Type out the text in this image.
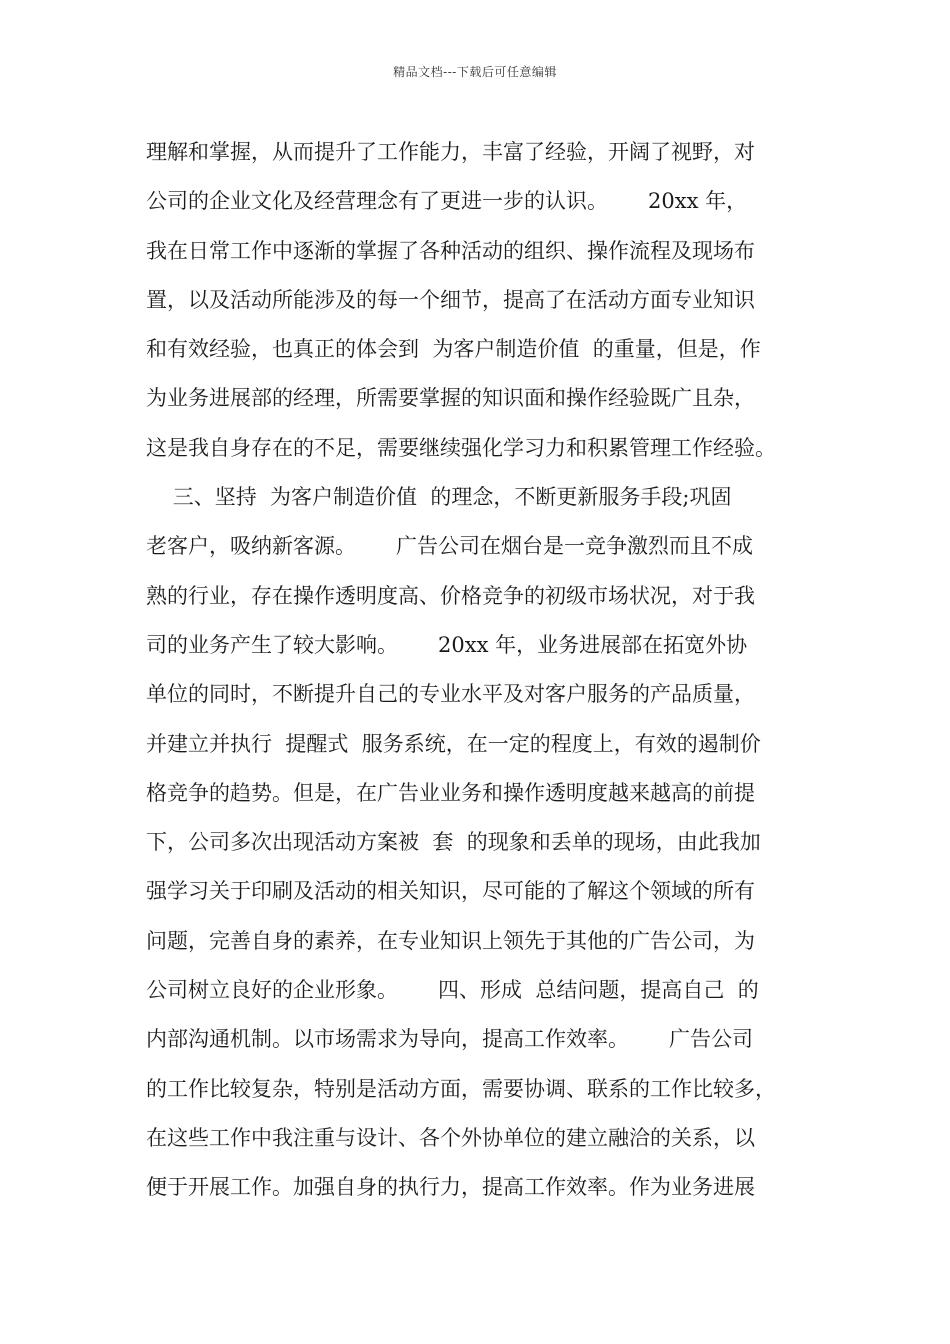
精品文档---下载后可任意编辑
理解和掌握，从而提升了工作能力，丰富了经验，开阔了视野，对
公司的企业文化及经营理念有了更进一步的认识。      20xx 年，
我在日常工作中逐渐的掌握了各种活动的组织、操作流程及现场布
置，以及活动所能涉及的每一个细节，提高了在活动方面专业知识
和有效经验，也真正的体会到  为客户制造价值  的重量，但是，作
为业务进展部的经理，所需要掌握的知识面和操作经验既广且杂，
这是我自身存在的不足，需要继续强化学习力和积累管理工作经验。
三、坚持  为客户制造价值  的理念，不断更新服务手段;巩固
老客户，吸纳新客源。      广告公司在烟台是一竞争激烈而且不成
熟的行业，存在操作透明度高、价格竞争的初级市场状况，对于我
司的业务产生了较大影响。      20xx 年，业务进展部在拓宽外协
单位的同时，不断提升自己的专业水平及对客户服务的产品质量，
并建立并执行  提醒式  服务系统，在一定的程度上，有效的遏制价
格竞争的趋势。但是，在广告业业务和操作透明度越来越高的前提
下，公司多次出现活动方案被  套  的现象和丢单的现场，由此我加
强学习关于印刷及活动的相关知识，尽可能的了解这个领域的所有
问题，完善自身的素养，在专业知识上领先于其他的广告公司，为
公司树立良好的企业形象。      四、形成  总结问题，提高自己  的
内部沟通机制。以市场需求为导向，提高工作效率。      广告公司
的工作比较复杂，特别是活动方面，需要协调、联系的工作比较多，
在这些工作中我注重与设计、各个外协单位的建立融洽的关系，以
便于开展工作。加强自身的执行力，提高工作效率。作为业务进展
